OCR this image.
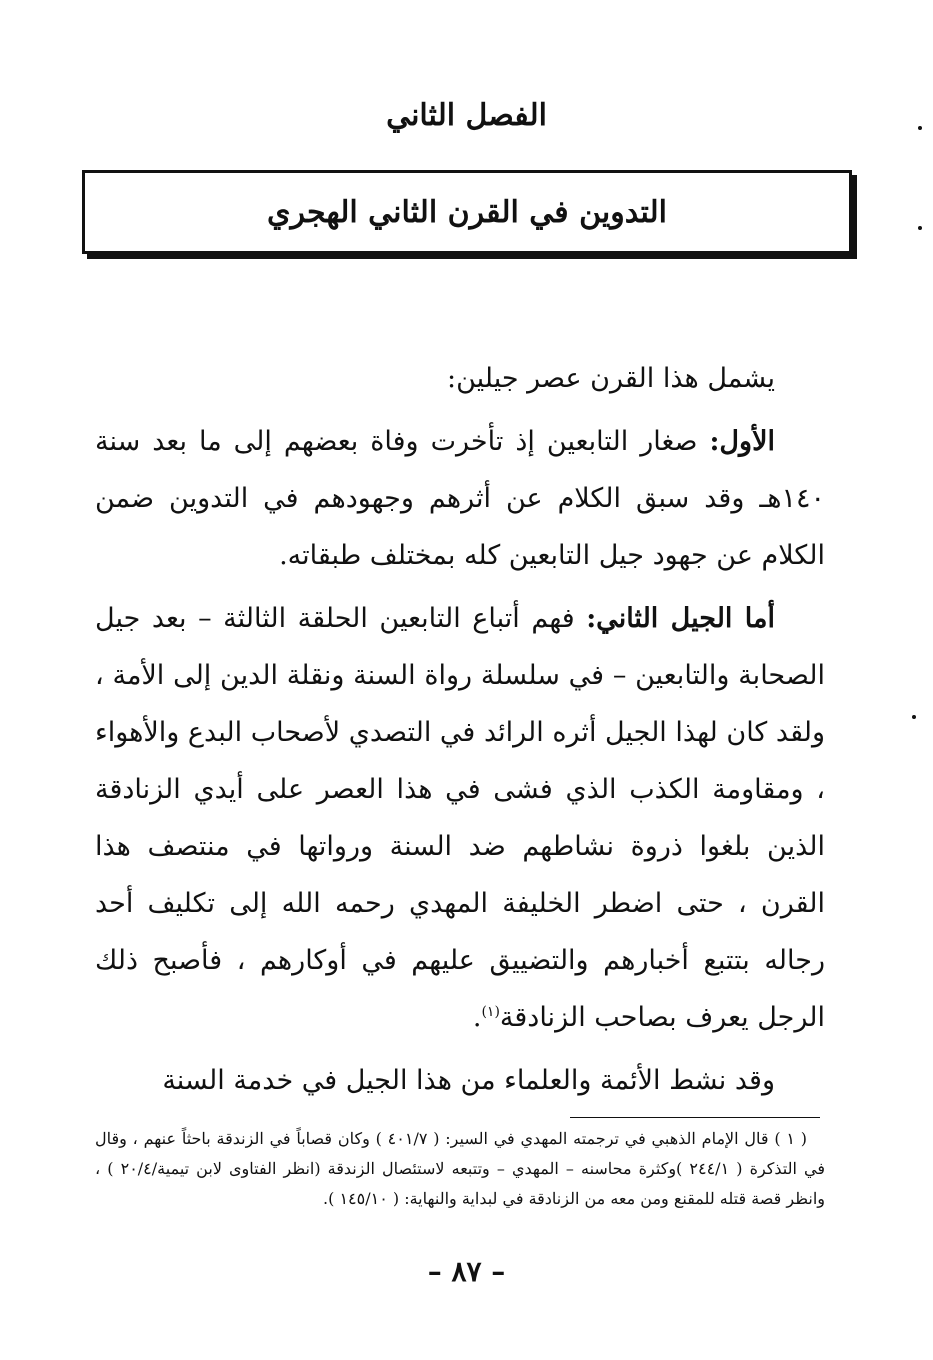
الفصل الثاني
التدوين في القرن الثاني الهجري

يشمل هذا القرن عصر جيلين:

الأول: صغار التابعين إذ تأخرت وفاة بعضهم إلى ما بعد سنة ١٤٠هـ وقد سبق الكلام عن أثرهم وجهودهم في التدوين ضمن الكلام عن جهود جيل التابعين كله بمختلف طبقاته.

أما الجيل الثاني: فهم أتباع التابعين الحلقة الثالثة – بعد جيل الصحابة والتابعين – في سلسلة رواة السنة ونقلة الدين إلى الأمة ، ولقد كان لهذا الجيل أثره الرائد في التصدي لأصحاب البدع والأهواء ، ومقاومة الكذب الذي فشى في هذا العصر على أيدي الزنادقة الذين بلغوا ذروة نشاطهم ضد السنة ورواتها في منتصف هذا القرن ، حتى اضطر الخليفة المهدي رحمه الله إلى تكليف أحد رجاله بتتبع أخبارهم والتضييق عليهم في أوكارهم ، فأصبح ذلك الرجل يعرف بصاحب الزنادقة$^{(١)}$.

وقد نشط الأئمة والعلماء من هذا الجيل في خدمة السنة

( ١ ) قال الإمام الذهبي في ترجمته المهدي في السير: ( ٤٠١/٧ ) وكان قصاباً في الزندقة باحثاً عنهم ، وقال في التذكرة ( ٢٤٤/١ )وكثرة محاسنه – المهدي – وتتبعه لاستئصال الزندقة (انظر الفتاوى لابن تيمية/٢٠/٤ ) ، وانظر قصة قتله للمقنع ومن معه من الزنادقة في لبداية والنهاية: ( ١٤٥/١٠ ).

– ٨٧ –
